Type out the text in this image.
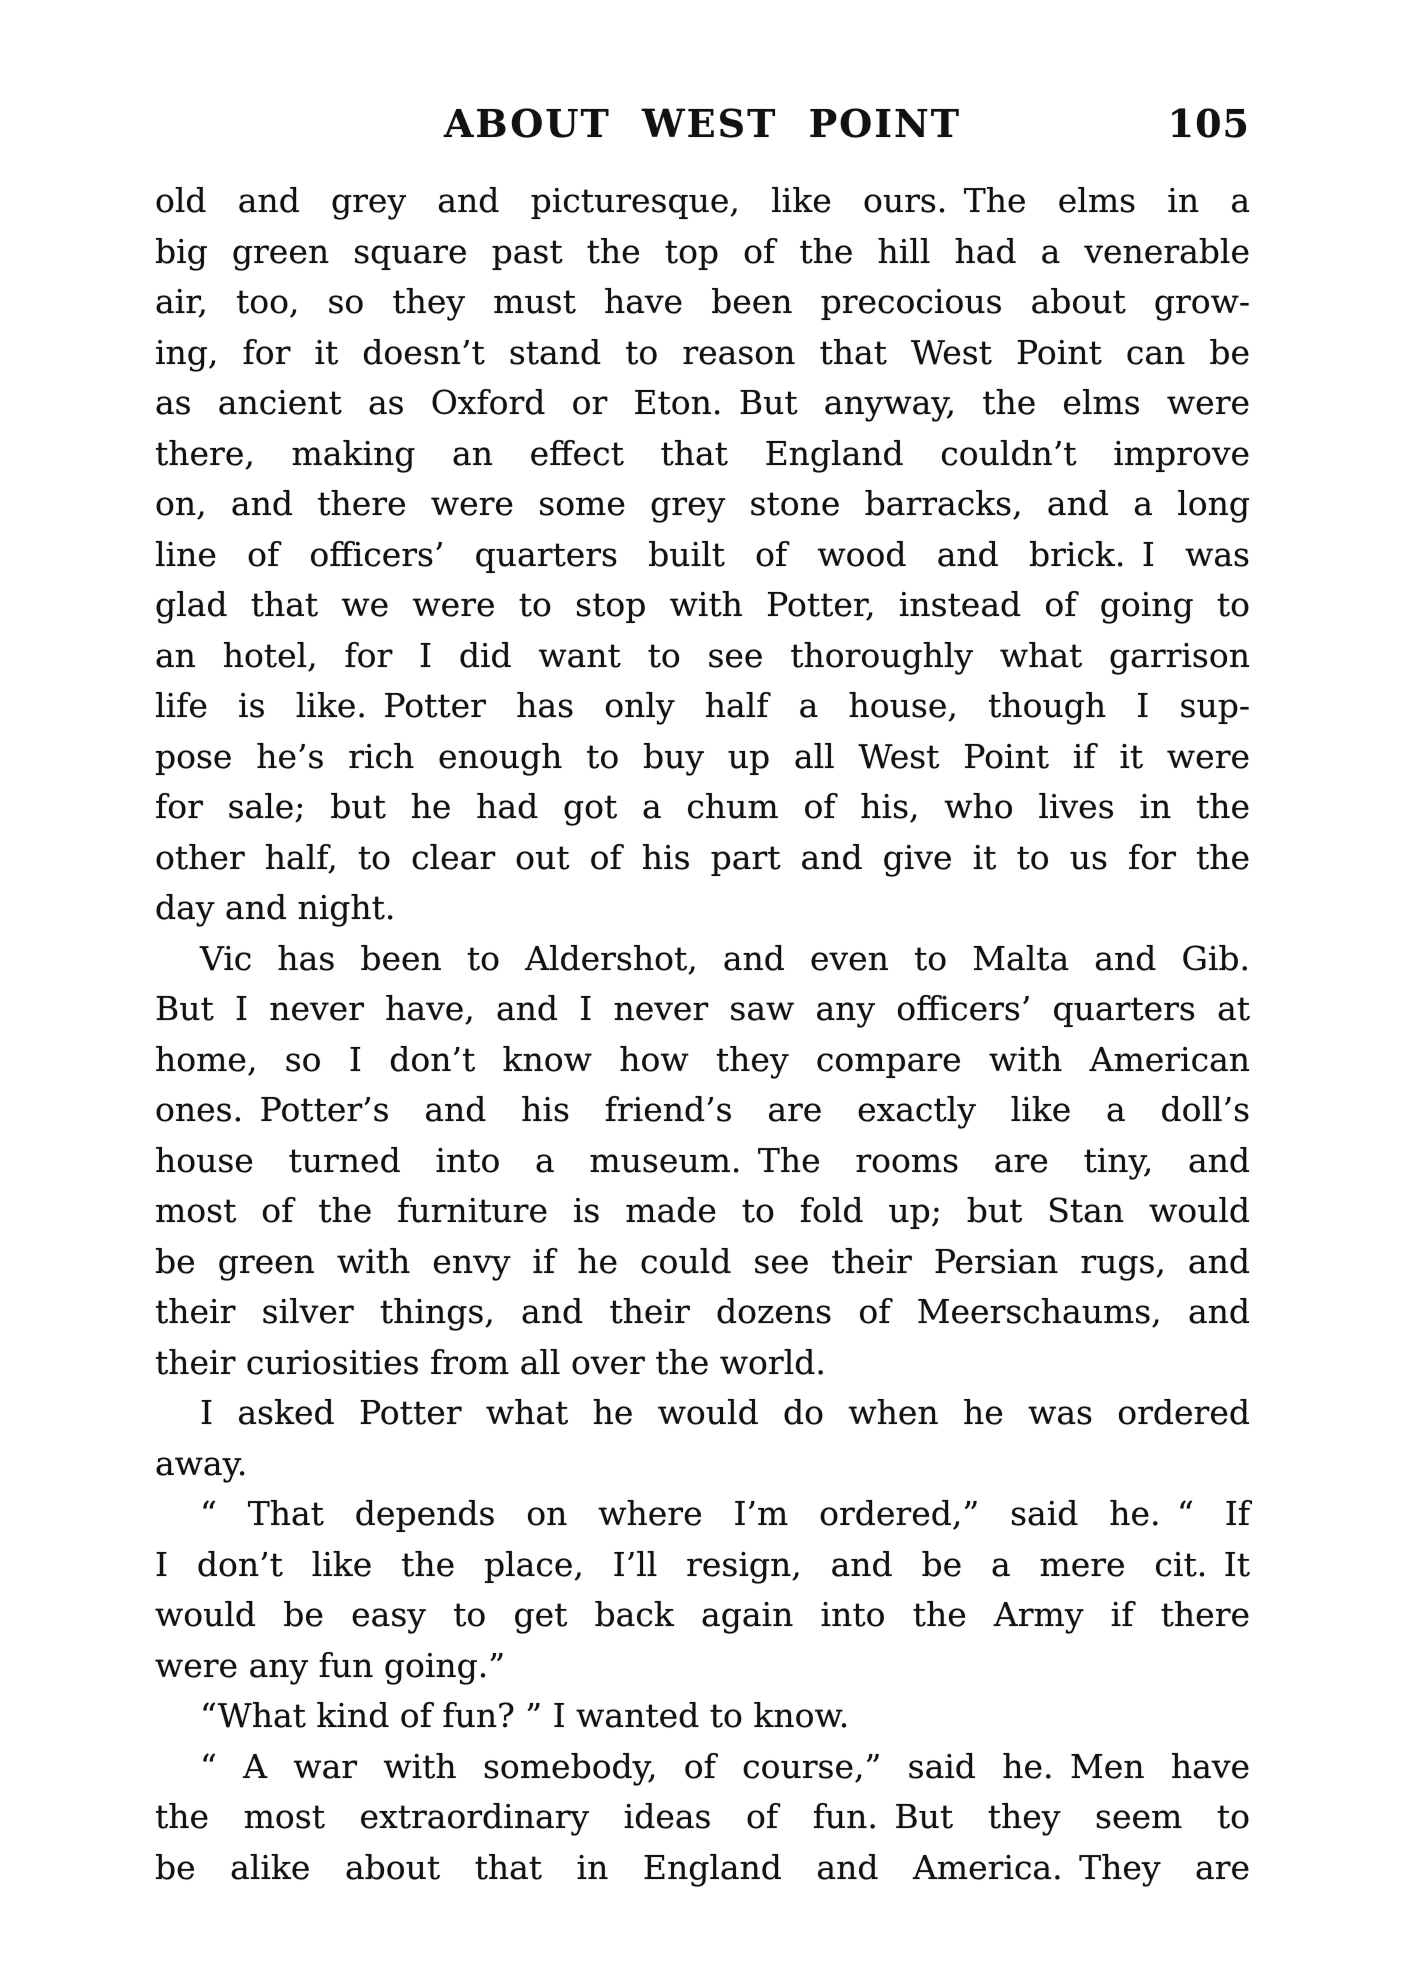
ABOUT WEST POINT	105
old and grey and picturesque, like ours. The elms in a
big green square past the top of the hill had a venerable
air, too, so they must have been precocious about grow-
ing, for it doesn’t stand to reason that West Point can be
as ancient as Oxford or Eton. But anyway, the elms were
there, making an effect that England couldn’t improve
on, and there were some grey stone barracks, and a long
line of officers’ quarters built of wood and brick. I was
glad that we were to stop with Potter, instead of going to
an hotel, for I did want to see thoroughly what garrison
life is like. Potter has only half a house, though I sup-
pose he’s rich enough to buy up all West Point if it were
for sale; but he had got a chum of his, who lives in the
other half, to clear out of his part and give it to us for the
day and night.
Vic has been to Aldershot, and even to Malta and Gib.
But I never have, and I never saw any officers’ quarters at
home, so I don’t know how they compare with American
ones. Potter’s and his friend’s are exactly like a doll’s
house turned into a museum. The rooms are tiny, and
most of the furniture is made to fold up; but Stan would
be green with envy if he could see their Persian rugs, and
their silver things, and their dozens of Meerschaums, and
their curiosities from all over the world.
I asked Potter what he would do when he was ordered
away.
“ That depends on where I’m ordered,” said he. “ If
I don’t like the place, I’ll resign, and be a mere cit. It
would be easy to get back again into the Army if there
were any fun going.”
“What kind of fun? ” I wanted to know.
“ A war with somebody, of course,” said he. Men have
the most extraordinary ideas of fun. But they seem to
be alike about that in England and America. They are
